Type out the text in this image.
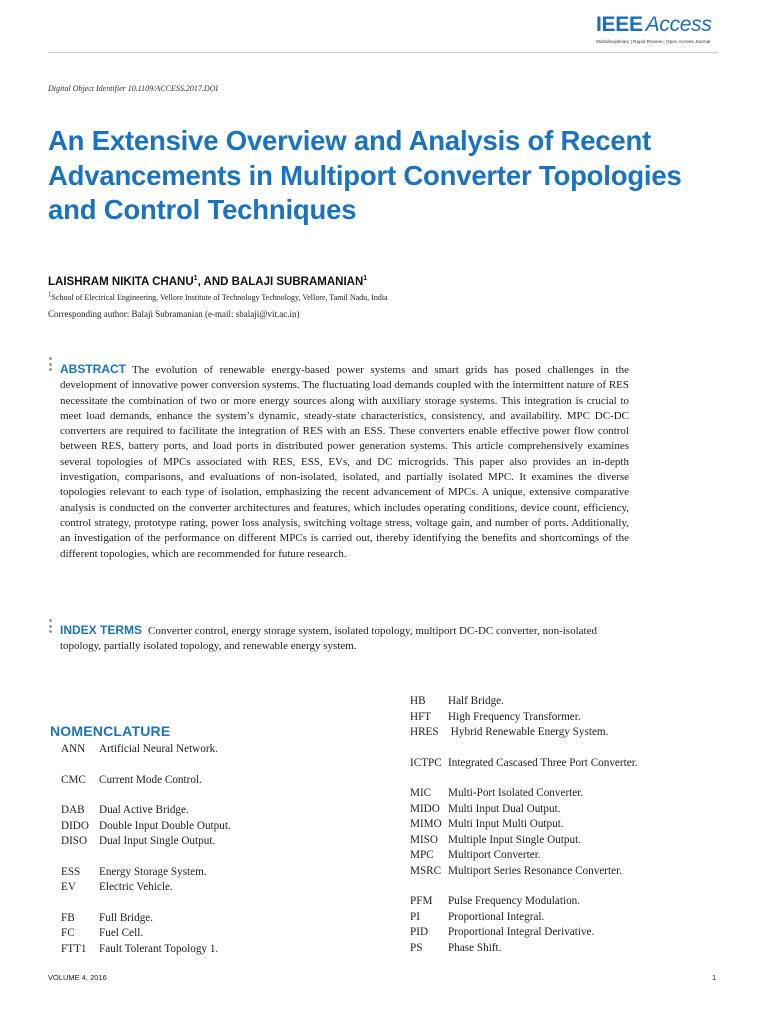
IEEE Access
Multidisciplinary | Rapid Review | Open Access Journal
Digital Object Identifier 10.1109/ACCESS.2017.DOI
An Extensive Overview and Analysis of Recent Advancements in Multiport Converter Topologies and Control Techniques
LAISHRAM NIKITA CHANU$^1$, AND BALAJI SUBRAMANIAN$^1$
$^1$School of Electrical Engineering, Vellore Institute of Technology Technology, Vellore, Tamil Nadu, India
Corresponding author: Balaji Subramanian (e-mail: sbalaji@vit.ac.in)

ABSTRACT The evolution of renewable energy-based power systems and smart grids has posed challenges in the development of innovative power conversion systems. The fluctuating load demands coupled with the intermittent nature of RES necessitate the combination of two or more energy sources along with auxiliary storage systems. This integration is crucial to meet load demands, enhance the system’s dynamic, steady-state characteristics, consistency, and availability. MPC DC-DC converters are required to facilitate the integration of RES with an ESS. These converters enable effective power flow control between RES, battery ports, and load ports in distributed power generation systems. This article comprehensively examines several topologies of MPCs associated with RES, ESS, EVs, and DC microgrids. This paper also provides an in-depth investigation, comparisons, and evaluations of non-isolated, isolated, and partially isolated MPC. It examines the diverse topologies relevant to each type of isolation, emphasizing the recent advancement of MPCs. A unique, extensive comparative analysis is conducted on the converter architectures and features, which includes operating conditions, device count, efficiency, control strategy, prototype rating, power loss analysis, switching voltage stress, voltage gain, and number of ports. Additionally, an investigation of the performance on different MPCs is carried out, thereby identifying the benefits and shortcomings of the different topologies, which are recommended for future research.

INDEX TERMS Converter control, energy storage system, isolated topology, multiport DC-DC converter, non-isolated topology, partially isolated topology, and renewable energy system.

NOMENCLATURE
ANN Artificial Neural Network.
CMC Current Mode Control.
DAB Dual Active Bridge.
DIDO Double Input Double Output.
DISO Dual Input Single Output.
ESS Energy Storage System.
EV Electric Vehicle.
FB Full Bridge.
FC Fuel Cell.
FTT1 Fault Tolerant Topology 1.
HB Half Bridge.
HFT High Frequency Transformer.
HRES Hybrid Renewable Energy System.
ICTPC Integrated Cascased Three Port Converter.
MIC Multi-Port Isolated Converter.
MIDO Multi Input Dual Output.
MIMO Multi Input Multi Output.
MISO Multiple Input Single Output.
MPC Multiport Converter.
MSRC Multiport Series Resonance Converter.
PFM Pulse Frequency Modulation.
PI	Proportional Integral.
PID Proportional Integral Derivative.
PS Phase Shift.
VOLUME 4, 2016	1
